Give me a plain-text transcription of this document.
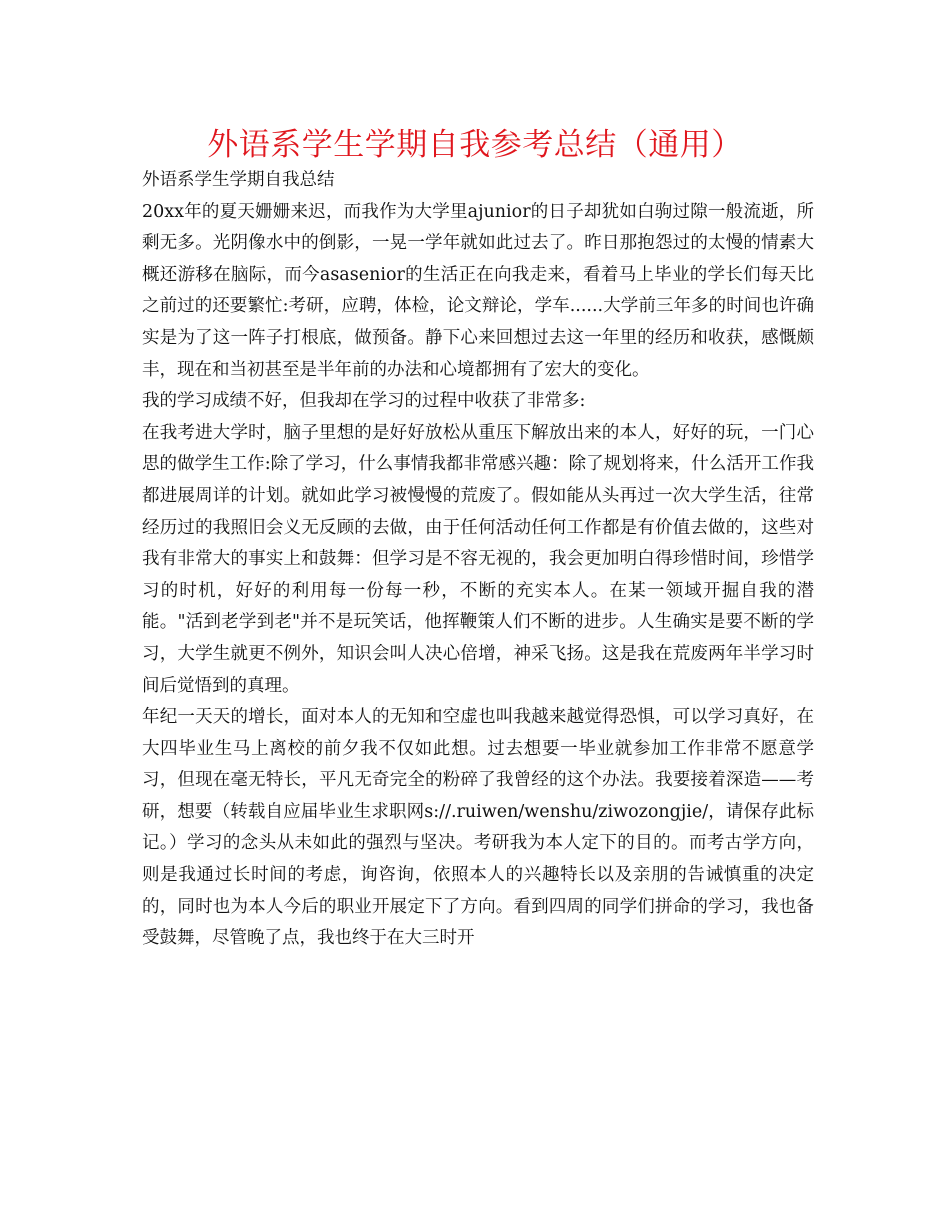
外语系学生学期自我参考总结（通用）

外语系学生学期自我总结

20xx年的夏天姗姗来迟，而我作为大学里ajunior的日子却犹如白驹过隙一般流逝，所剩无多。光阴像水中的倒影，一晃一学年就如此过去了。昨日那抱怨过的太慢的情素大概还游移在脑际，而今asasenior的生活正在向我走来，看着马上毕业的学长们每天比之前过的还要繁忙:考研，应聘，体检，论文辩论，学车......大学前三年多的时间也许确实是为了这一阵子打根底，做预备。静下心来回想过去这一年里的经历和收获，感慨颇丰，现在和当初甚至是半年前的办法和心境都拥有了宏大的变化。

我的学习成绩不好，但我却在学习的过程中收获了非常多:

在我考进大学时，脑子里想的是好好放松从重压下解放出来的本人，好好的玩，一门心思的做学生工作:除了学习，什么事情我都非常感兴趣：除了规划将来，什么活开工作我都进展周详的计划。就如此学习被慢慢的荒废了。假如能从头再过一次大学生活，往常经历过的我照旧会义无反顾的去做，由于任何活动任何工作都是有价值去做的，这些对我有非常大的事实上和鼓舞：但学习是不容无视的，我会更加明白得珍惜时间，珍惜学习的时机，好好的利用每一份每一秒，不断的充实本人。在某一领域开掘自我的潜能。"活到老学到老"并不是玩笑话，他挥鞭策人们不断的进步。人生确实是要不断的学习，大学生就更不例外，知识会叫人决心倍增，神采飞扬。这是我在荒废两年半学习时间后觉悟到的真理。

年纪一天天的增长，面对本人的无知和空虚也叫我越来越觉得恐惧，可以学习真好，在大四毕业生马上离校的前夕我不仅如此想。过去想要一毕业就参加工作非常不愿意学习，但现在毫无特长，平凡无奇完全的粉碎了我曾经的这个办法。我要接着深造——考研，想要（转载自应届毕业生求职网s://.ruiwen/wenshu/ziwozongjie/，请保存此标记。）学习的念头从未如此的强烈与坚决。考研我为本人定下的目的。而考古学方向，则是我通过长时间的考虑，询咨询，依照本人的兴趣特长以及亲朋的告诫慎重的决定的，同时也为本人今后的职业开展定下了方向。看到四周的同学们拼命的学习，我也备受鼓舞，尽管晚了点，我也终于在大三时开
